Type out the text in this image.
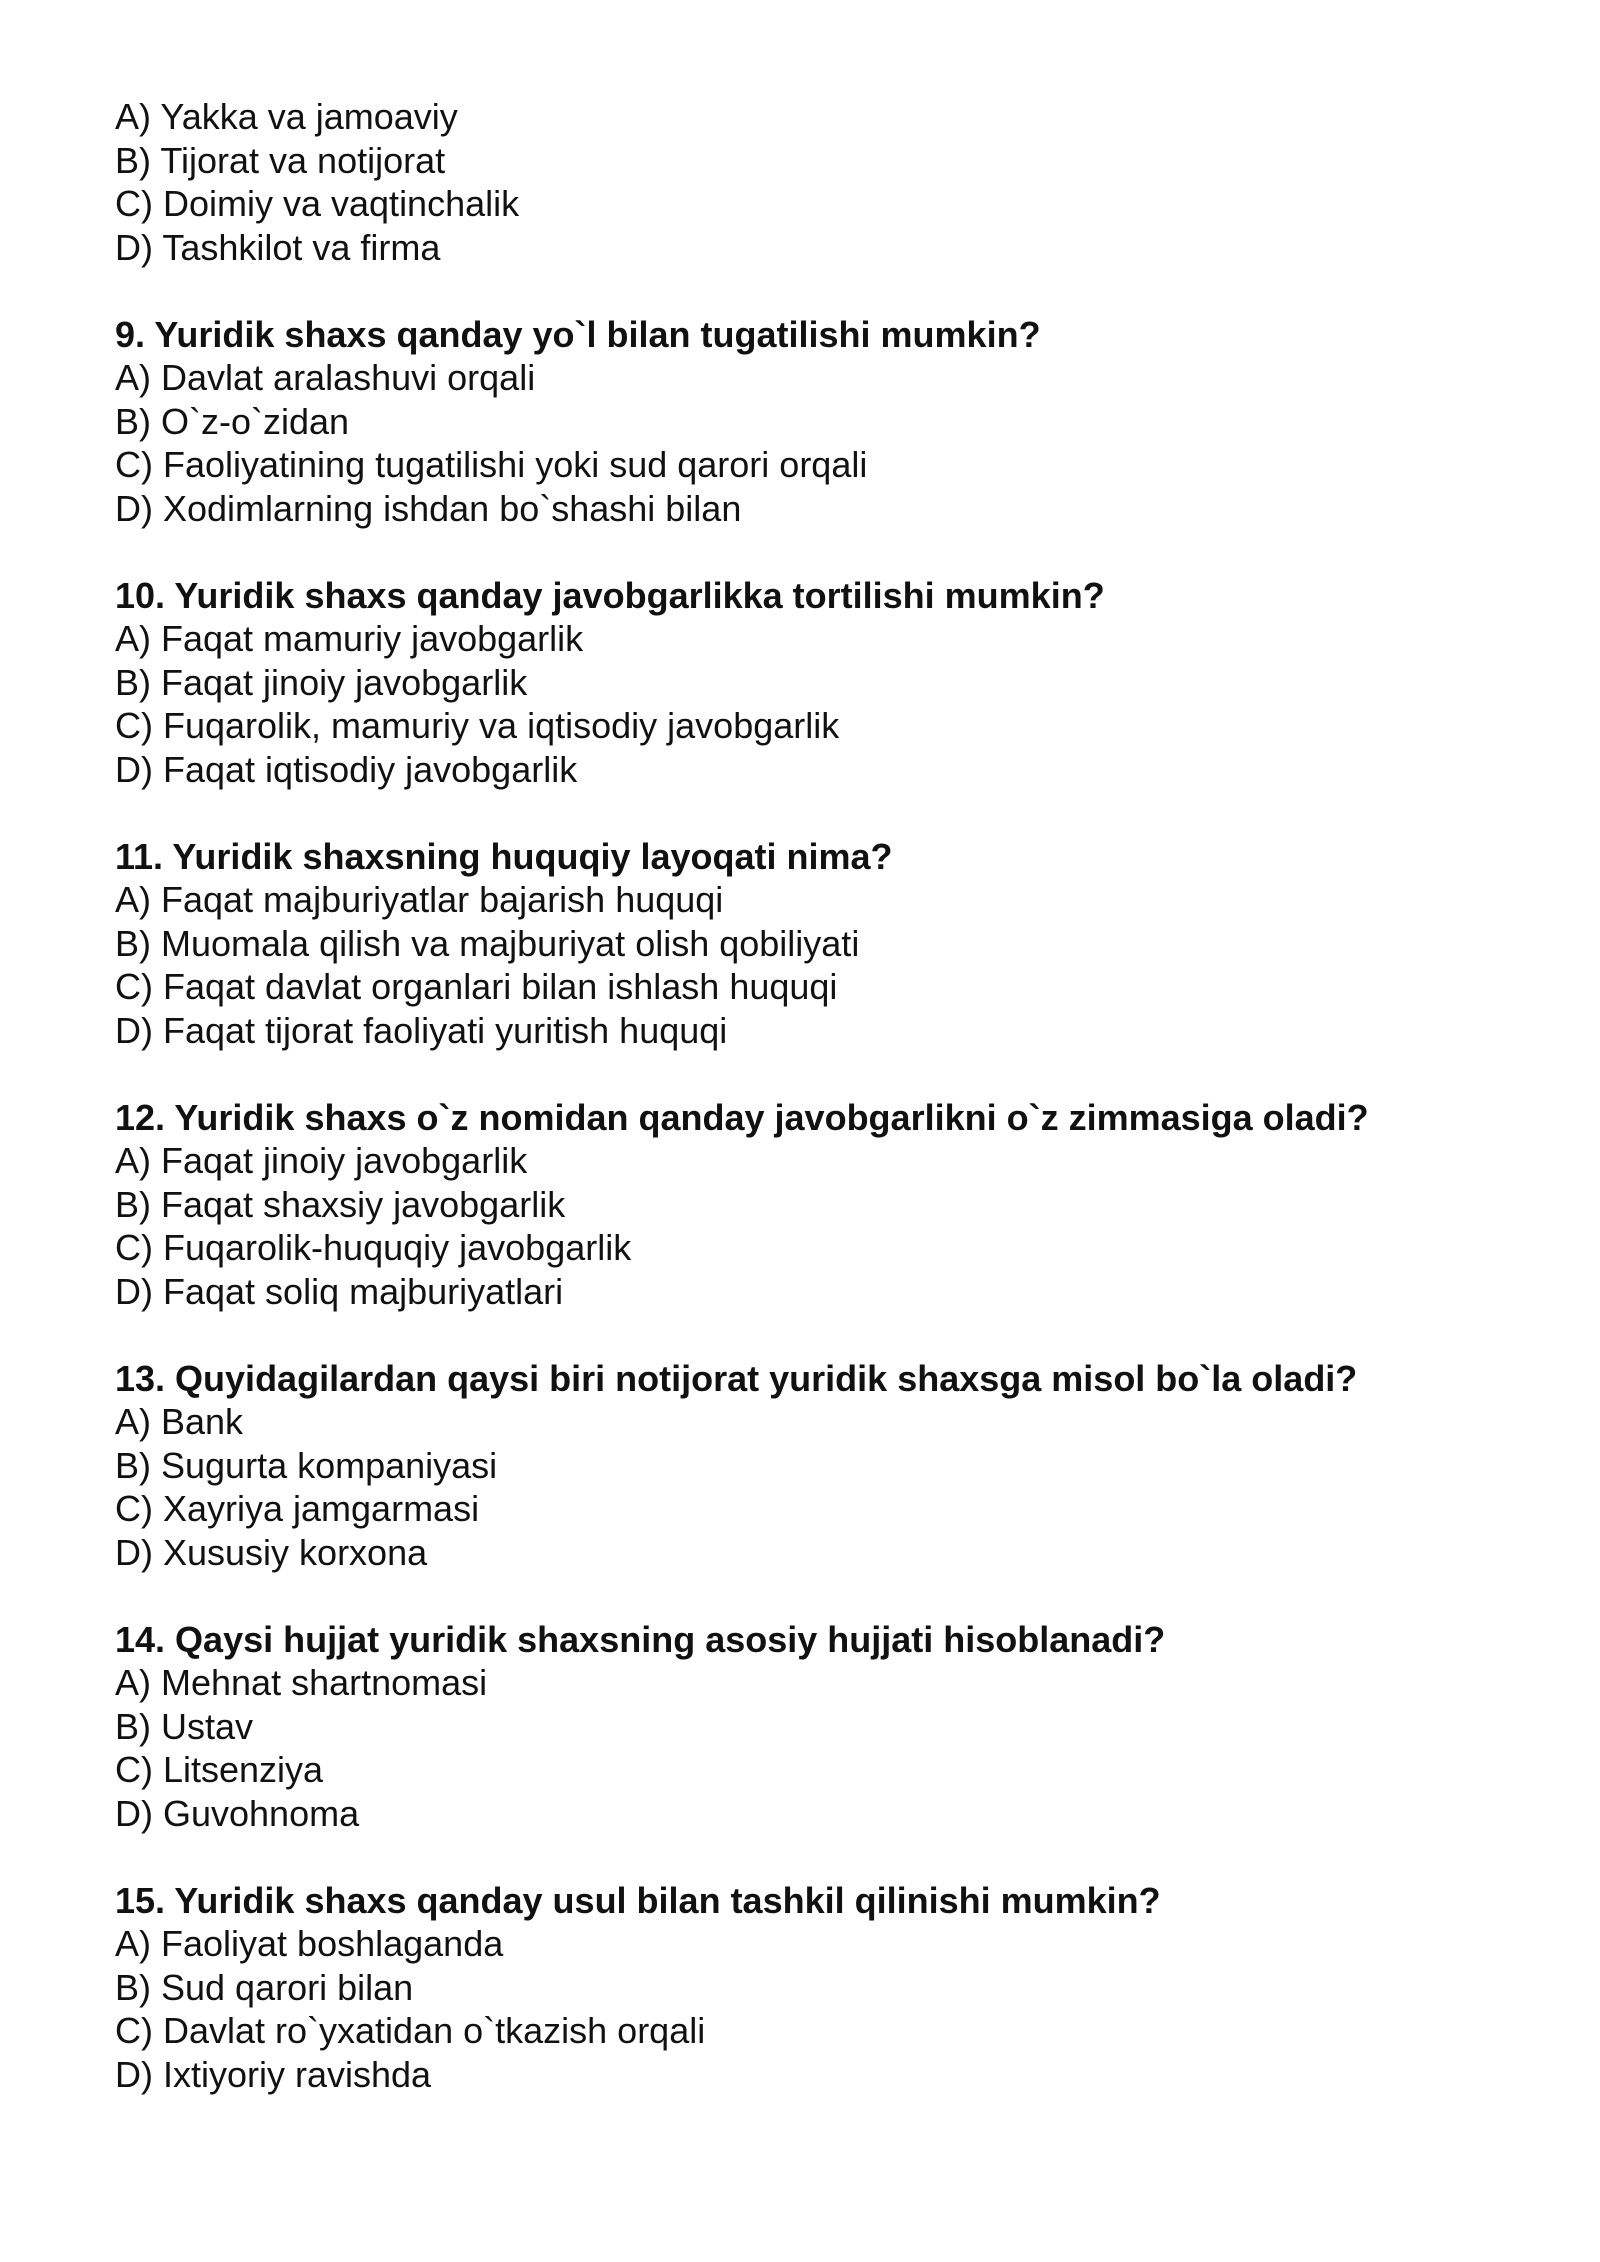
A) Yakka va jamoaviy
B) Tijorat va notijorat
C) Doimiy va vaqtinchalik
D) Tashkilot va firma
9. Yuridik shaxs qanday yo`l bilan tugatilishi mumkin?
A) Davlat aralashuvi orqali
B) O`z-o`zidan
C) Faoliyatining tugatilishi yoki sud qarori orqali
D) Xodimlarning ishdan bo`shashi bilan
10. Yuridik shaxs qanday javobgarlikka tortilishi mumkin?
A) Faqat mamuriy javobgarlik
B) Faqat jinoiy javobgarlik
C) Fuqarolik, mamuriy va iqtisodiy javobgarlik
D) Faqat iqtisodiy javobgarlik
11. Yuridik shaxsning huquqiy layoqati nima?
A) Faqat majburiyatlar bajarish huquqi
B) Muomala qilish va majburiyat olish qobiliyati
C) Faqat davlat organlari bilan ishlash huquqi
D) Faqat tijorat faoliyati yuritish huquqi
12. Yuridik shaxs o`z nomidan qanday javobgarlikni o`z zimmasiga oladi?
A) Faqat jinoiy javobgarlik
B) Faqat shaxsiy javobgarlik
C) Fuqarolik-huquqiy javobgarlik
D) Faqat soliq majburiyatlari
13. Quyidagilardan qaysi biri notijorat yuridik shaxsga misol bo`la oladi?
A) Bank
B) Sugurta kompaniyasi
C) Xayriya jamgarmasi
D) Xususiy korxona
14. Qaysi hujjat yuridik shaxsning asosiy hujjati hisoblanadi?
A) Mehnat shartnomasi
B) Ustav
C) Litsenziya
D) Guvohnoma
15. Yuridik shaxs qanday usul bilan tashkil qilinishi mumkin?
A) Faoliyat boshlaganda
B) Sud qarori bilan
C) Davlat ro`yxatidan o`tkazish orqali
D) Ixtiyoriy ravishda
